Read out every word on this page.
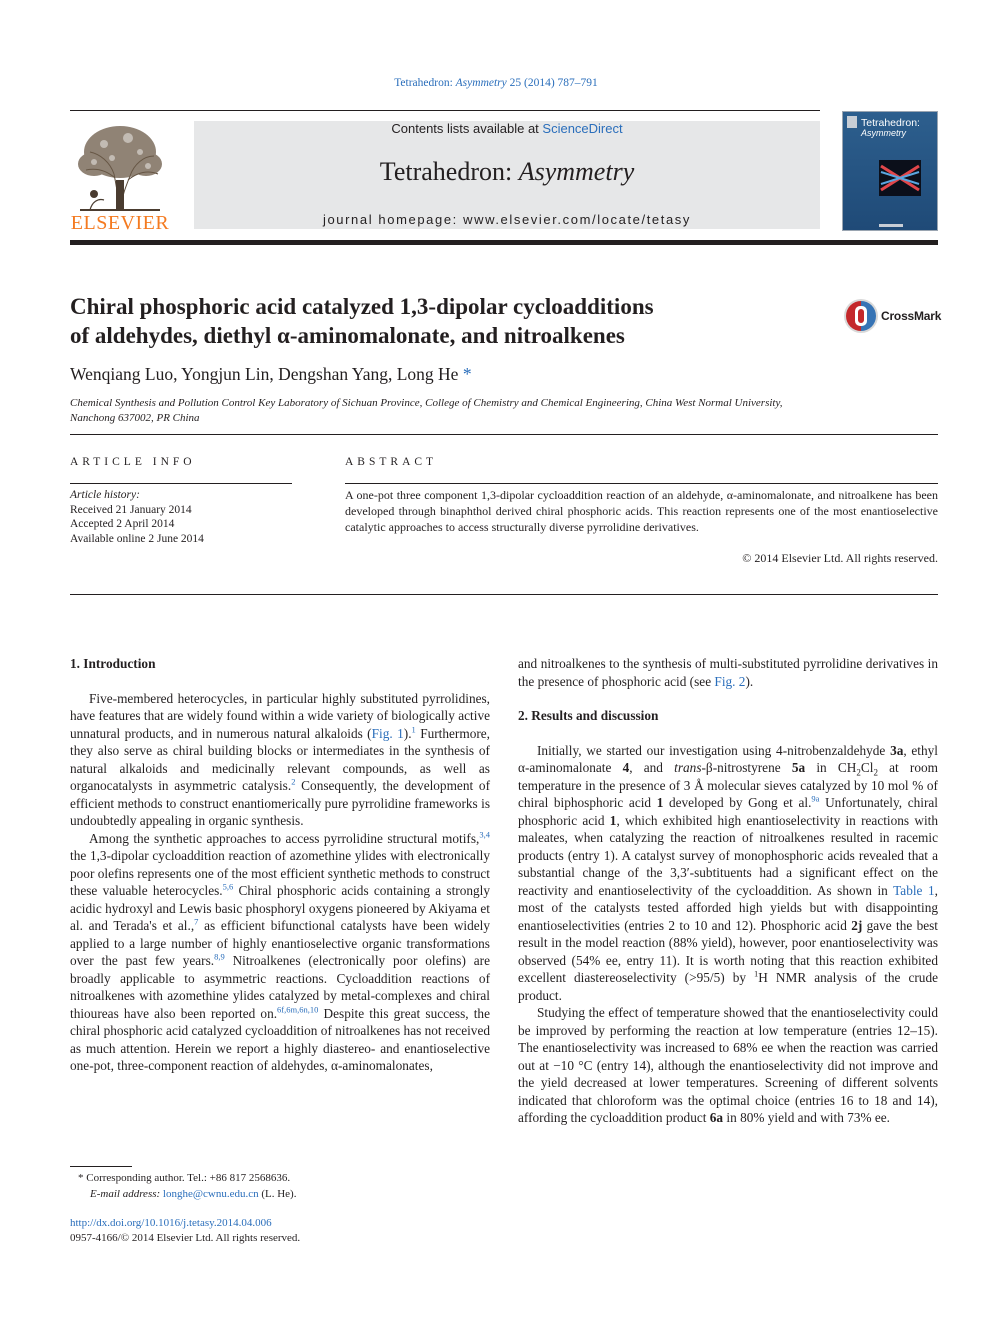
Tetrahedron: Asymmetry 25 (2014) 787–791
ELSEVIER
Contents lists available at ScienceDirect
Tetrahedron: Asymmetry
journal homepage: www.elsevier.com/locate/tetasy
Tetrahedron:
Asymmetry
Chiral phosphoric acid catalyzed 1,3-dipolar cycloadditions
of aldehydes, diethyl α-aminomalonate, and nitroalkenes
CrossMark
Wenqiang Luo, Yongjun Lin, Dengshan Yang, Long He *
Chemical Synthesis and Pollution Control Key Laboratory of Sichuan Province, College of Chemistry and Chemical Engineering, China West Normal University,
Nanchong 637002, PR China
ARTICLE INFO
Article history:
Received 21 January 2014
Accepted 2 April 2014
Available online 2 June 2014
ABSTRACT
A one-pot three component 1,3-dipolar cycloaddition reaction of an aldehyde, α-aminomalonate, and nitroalkene has been developed through binaphthol derived chiral phosphoric acids. This reaction represents one of the most enantioselective catalytic approaches to access structurally diverse pyrrolidine derivatives.
© 2014 Elsevier Ltd. All rights reserved.
1. Introduction

Five-membered heterocycles, in particular highly substituted pyrrolidines, have features that are widely found within a wide variety of biologically active unnatural products, and in numerous natural alkaloids (Fig. 1).$^1$ Furthermore, they also serve as chiral building blocks or intermediates in the synthesis of natural alkaloids and medicinally relevant compounds, as well as organocatalysts in asymmetric catalysis.$^2$ Consequently, the development of efficient methods to construct enantiomerically pure pyrrolidine frameworks is undoubtedly appealing in organic synthesis.

Among the synthetic approaches to access pyrrolidine structural motifs,$^{3,4}$ the 1,3-dipolar cycloaddition reaction of azomethine ylides with electronically poor olefins represents one of the most efficient synthetic methods to construct these valuable heterocycles.$^{5,6}$ Chiral phosphoric acids containing a strongly acidic hydroxyl and Lewis basic phosphoryl oxygens pioneered by Akiyama et al. and Terada's et al.,$^7$ as efficient bifunctional catalysts have been widely applied to a large number of highly enantioselective organic transformations over the past few years.$^{8,9}$ Nitroalkenes (electronically poor olefins) are broadly applicable to asymmetric reactions. Cycloaddition reactions of nitroalkenes with azomethine ylides catalyzed by metal-complexes and chiral thioureas have also been reported on.$^{6f,6m,6n,10}$ Despite this great success, the chiral phosphoric acid catalyzed cycloaddition of nitroalkenes has not received as much attention. Herein we report a highly diastereo- and enantioselective one-pot, three-component reaction of aldehydes, α-aminomalonates,

and nitroalkenes to the synthesis of multi-substituted pyrrolidine derivatives in the presence of phosphoric acid (see Fig. 2).

2. Results and discussion

Initially, we started our investigation using 4-nitrobenzaldehyde 3a, ethyl α-aminomalonate 4, and trans-β-nitrostyrene 5a in $CH_2Cl_2$ at room temperature in the presence of 3 Å molecular sieves catalyzed by 10 mol % of chiral biphosphoric acid 1 developed by Gong et al.$^{9a}$ Unfortunately, chiral phosphoric acid 1, which exhibited high enantioselectivity in reactions with maleates, when catalyzing the reaction of nitroalkenes resulted in racemic products (entry 1). A catalyst survey of monophosphoric acids revealed that a substantial change of the 3,3′-subtituents had a significant effect on the reactivity and enantioselectivity of the cycloaddition. As shown in Table 1, most of the catalysts tested afforded high yields but with disappointing enantioselectivities (entries 2 to 10 and 12). Phosphoric acid 2j gave the best result in the model reaction (88% yield), however, poor enantioselectivity was observed (54% ee, entry 11). It is worth noting that this reaction exhibited excellent diastereoselectivity (>95/5) by $^1$H NMR analysis of the crude product.

Studying the effect of temperature showed that the enantioselectivity could be improved by performing the reaction at low temperature (entries 12–15). The enantioselectivity was increased to 68% ee when the reaction was carried out at −10 °C (entry 14), although the enantioselectivity did not improve and the yield decreased at lower temperatures. Screening of different solvents indicated that chloroform was the optimal choice (entries 16 to 18 and 14), affording the cycloaddition product 6a in 80% yield and with 73% ee.

* Corresponding author. Tel.: +86 817 2568636.
E-mail address: longhe@cwnu.edu.cn (L. He).
http://dx.doi.org/10.1016/j.tetasy.2014.04.006
0957-4166/© 2014 Elsevier Ltd. All rights reserved.
